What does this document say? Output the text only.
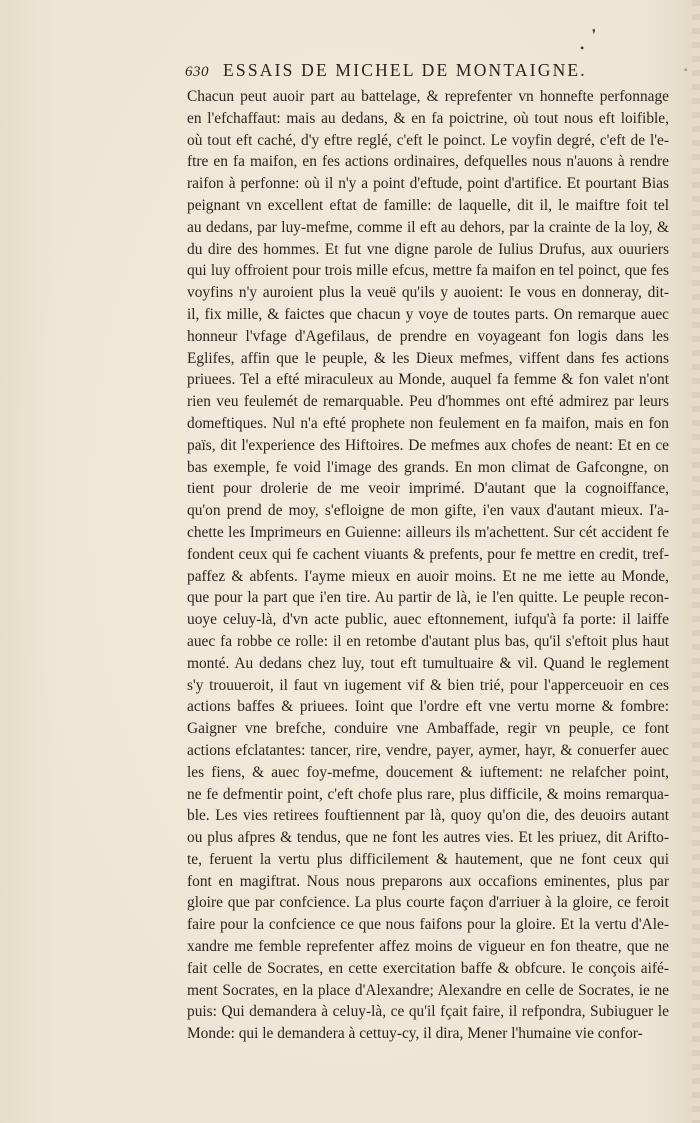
❜
•
◦
630 ESSAIS DE MICHEL DE MONTAIGNE.
Chacun peut auoir part au battelage, & reprefenter vn honnefte perfonnage
en l'efchaffaut: mais au dedans, & en fa poictrine, où tout nous eft loifible,
où tout eft caché, d'y eftre reglé, c'eft le poinct. Le voyfin degré, c'eft de l'e-
ftre en fa maifon, en fes actions ordinaires, defquelles nous n'auons à rendre
raifon à perfonne: où il n'y a point d'eftude, point d'artifice. Et pourtant Bias
peignant vn excellent eftat de famille: de laquelle, dit il, le maiftre foit tel
au dedans, par luy-mefme, comme il eft au dehors, par la crainte de la loy, &
du dire des hommes. Et fut vne digne parole de Iulius Drufus, aux ouuriers
qui luy offroient pour trois mille efcus, mettre fa maifon en tel poinct, que fes
voyfins n'y auroient plus la veuë qu'ils y auoient: Ie vous en donneray, dit-
il, fix mille, & faictes que chacun y voye de toutes parts. On remarque auec
honneur l'vfage d'Agefilaus, de prendre en voyageant fon logis dans les
Eglifes, affin que le peuple, & les Dieux mefmes, viffent dans fes actions
priuees. Tel a efté miraculeux au Monde, auquel fa femme & fon valet n'ont
rien veu feulemét de remarquable. Peu d'hommes ont efté admirez par leurs
domeftiques. Nul n'a efté prophete non feulement en fa maifon, mais en fon
païs, dit l'experience des Hiftoires. De mefmes aux chofes de neant: Et en ce
bas exemple, fe void l'image des grands. En mon climat de Gafcongne, on
tient pour drolerie de me veoir imprimé. D'autant que la cognoiffance,
qu'on prend de moy, s'efloigne de mon gifte, i'en vaux d'autant mieux. I'a-
chette les Imprimeurs en Guienne: ailleurs ils m'achettent. Sur cét accident fe
fondent ceux qui fe cachent viuants & prefents, pour fe mettre en credit, tref-
paffez & abfents. I'ayme mieux en auoir moins. Et ne me iette au Monde,
que pour la part que i'en tire. Au partir de là, ie l'en quitte. Le peuple recon-
uoye celuy-là, d'vn acte public, auec eftonnement, iufqu'à fa porte: il laiffe
auec fa robbe ce rolle: il en retombe d'autant plus bas, qu'il s'eftoit plus haut
monté. Au dedans chez luy, tout eft tumultuaire & vil. Quand le reglement
s'y trouueroit, il faut vn iugement vif & bien trié, pour l'apperceuoir en ces
actions baffes & priuees. Ioint que l'ordre eft vne vertu morne & fombre:
Gaigner vne brefche, conduire vne Ambaffade, regir vn peuple, ce font
actions efclatantes: tancer, rire, vendre, payer, aymer, hayr, & conuerfer auec
les fiens, & auec foy-mefme, doucement & iuftement: ne relafcher point,
ne fe defmentir point, c'eft chofe plus rare, plus difficile, & moins remarqua-
ble. Les vies retirees fouftiennent par là, quoy qu'on die, des deuoirs autant
ou plus afpres & tendus, que ne font les autres vies. Et les priuez, dit Arifto-
te, feruent la vertu plus difficilement & hautement, que ne font ceux qui
font en magiftrat. Nous nous preparons aux occafions eminentes, plus par
gloire que par confcience. La plus courte façon d'arriuer à la gloire, ce feroit
faire pour la confcience ce que nous faifons pour la gloire. Et la vertu d'Ale-
xandre me femble reprefenter affez moins de vigueur en fon theatre, que ne
fait celle de Socrates, en cette exercitation baffe & obfcure. Ie conçois aifé-
ment Socrates, en la place d'Alexandre; Alexandre en celle de Socrates, ie ne
puis: Qui demandera à celuy-là, ce qu'il fçait faire, il refpondra, Subiuguer le
Monde: qui le demandera à cettuy-cy, il dira, Mener l'humaine vie confor-
